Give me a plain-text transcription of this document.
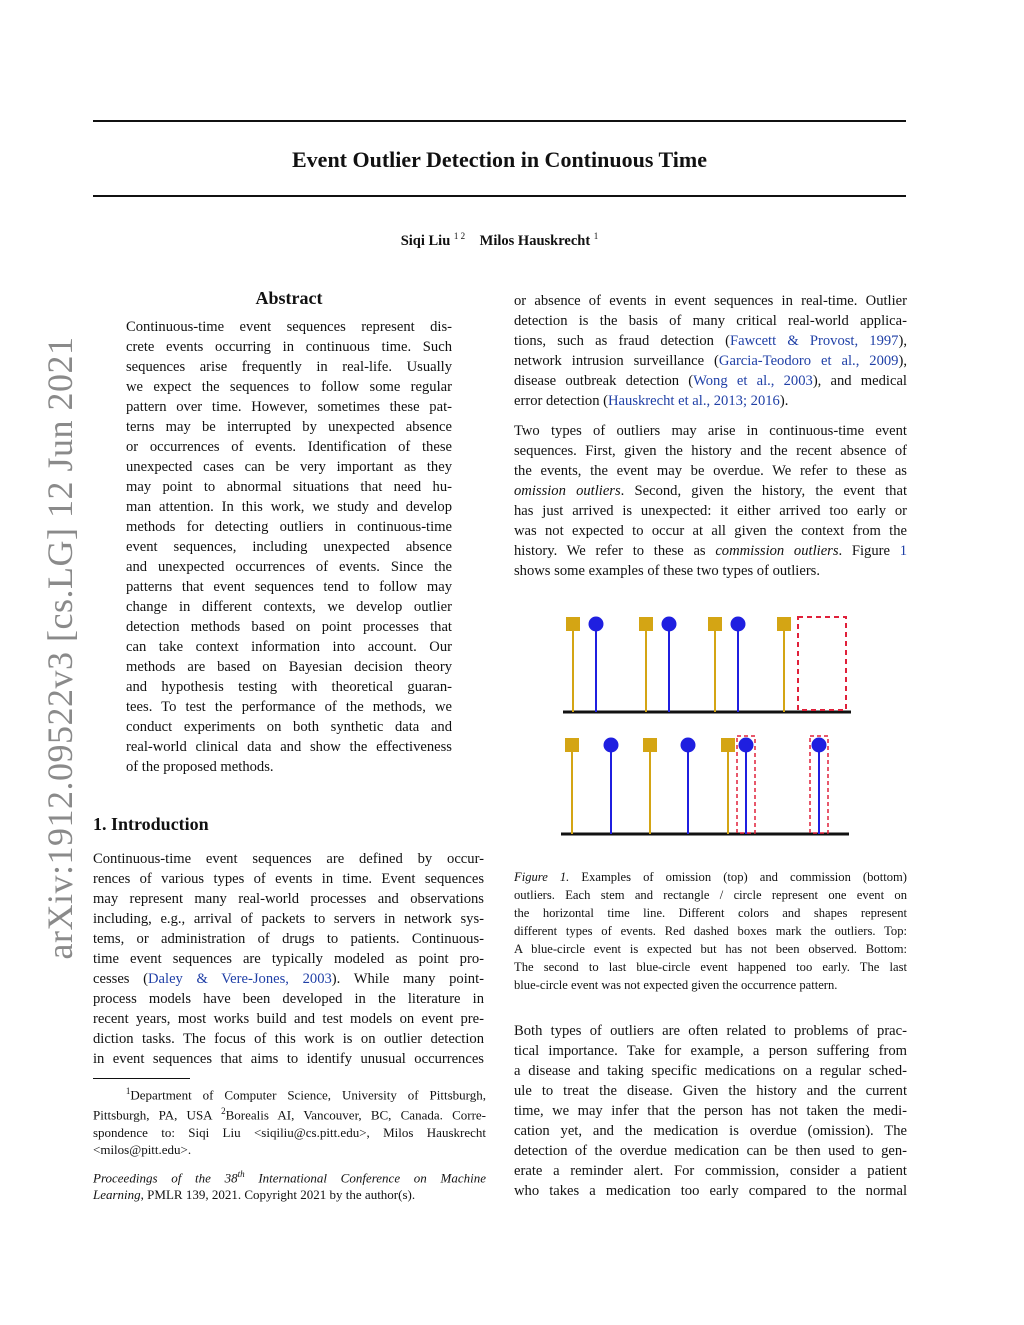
Event Outlier Detection in Continuous Time
Siqi Liu $^{1 2}$ Milos Hauskrecht $^1$
arXiv:1912.09522v3 [cs.LG] 12 Jun 2021
Abstract
Continuous-time event sequences represent dis-
crete events occurring in continuous time. Such
sequences arise frequently in real-life. Usually
we expect the sequences to follow some regular
pattern over time. However, sometimes these pat-
terns may be interrupted by unexpected absence
or occurrences of events. Identification of these
unexpected cases can be very important as they
may point to abnormal situations that need hu-
man attention. In this work, we study and develop
methods for detecting outliers in continuous-time
event sequences, including unexpected absence
and unexpected occurrences of events. Since the
patterns that event sequences tend to follow may
change in different contexts, we develop outlier
detection methods based on point processes that
can take context information into account. Our
methods are based on Bayesian decision theory
and hypothesis testing with theoretical guaran-
tees. To test the performance of the methods, we
conduct experiments on both synthetic data and
real-world clinical data and show the effectiveness
of the proposed methods.
1. Introduction
Continuous-time event sequences are defined by occur-
rences of various types of events in time. Event sequences
may represent many real-world processes and observations
including, e.g., arrival of packets to servers in network sys-
tems, or administration of drugs to patients. Continuous-
time event sequences are typically modeled as point pro-
cesses (Daley & Vere-Jones, 2003). While many point-
process models have been developed in the literature in
recent years, most works build and test models on event pre-
diction tasks. The focus of this work is on outlier detection
in event sequences that aims to identify unusual occurrences
$^1$Department of Computer Science, University of Pittsburgh,
Pittsburgh, PA, USA $^2$Borealis AI, Vancouver, BC, Canada. Corre-
spondence to: Siqi Liu <siqiliu@cs.pitt.edu>, Milos Hauskrecht
<milos@pitt.edu>.
Proceedings of the 38th International Conference on Machine
Learning, PMLR 139, 2021. Copyright 2021 by the author(s).
or absence of events in event sequences in real-time. Outlier
detection is the basis of many critical real-world applica-
tions, such as fraud detection (Fawcett & Provost, 1997),
network intrusion surveillance (Garcia-Teodoro et al., 2009),
disease outbreak detection (Wong et al., 2003), and medical
error detection (Hauskrecht et al., 2013; 2016).
Two types of outliers may arise in continuous-time event
sequences. First, given the history and the recent absence of
the events, the event may be overdue. We refer to these as
omission outliers. Second, given the history, the event that
has just arrived is unexpected: it either arrived too early or
was not expected to occur at all given the context from the
history. We refer to these as commission outliers. Figure 1
shows some examples of these two types of outliers.
Figure 1. Examples of omission (top) and commission (bottom)
outliers. Each stem and rectangle / circle represent one event on
the horizontal time line. Different colors and shapes represent
different types of events. Red dashed boxes mark the outliers. Top:
A blue-circle event is expected but has not been observed. Bottom:
The second to last blue-circle event happened too early. The last
blue-circle event was not expected given the occurrence pattern.
Both types of outliers are often related to problems of prac-
tical importance. Take for example, a person suffering from
a disease and taking specific medications on a regular sched-
ule to treat the disease. Given the history and the current
time, we may infer that the person has not taken the medi-
cation yet, and the medication is overdue (omission). The
detection of the overdue medication can be then used to gen-
erate a reminder alert. For commission, consider a patient
who takes a medication too early compared to the normal
